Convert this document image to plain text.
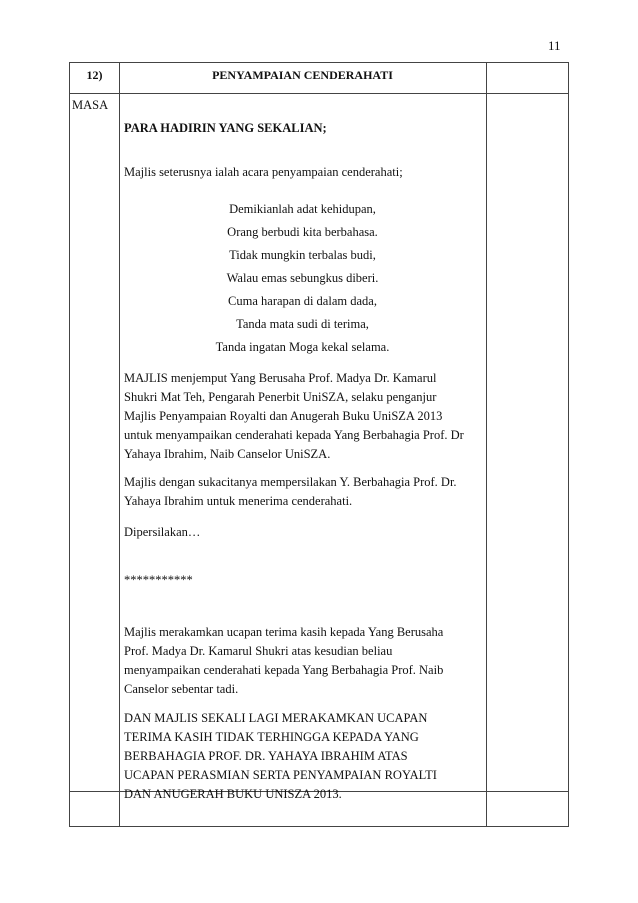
11
12)	PENYAMPAIAN CENDERAHATI
MASA
PARA HADIRIN YANG SEKALIAN;
Majlis seterusnya ialah acara penyampaian cenderahati;
Demikianlah adat kehidupan,
Orang berbudi kita berbahasa.
Tidak mungkin terbalas budi,
Walau emas sebungkus diberi.
Cuma harapan di dalam dada,
Tanda mata sudi di terima,
Tanda ingatan Moga kekal selama.
MAJLIS menjemput Yang Berusaha Prof. Madya Dr. Kamarul
Shukri Mat Teh, Pengarah Penerbit UniSZA, selaku penganjur
Majlis Penyampaian Royalti dan Anugerah Buku UniSZA 2013
untuk menyampaikan cenderahati kepada Yang Berbahagia Prof. Dr
Yahaya Ibrahim, Naib Canselor UniSZA.
Majlis dengan sukacitanya mempersilakan Y. Berbahagia Prof. Dr.
Yahaya Ibrahim untuk menerima cenderahati.
Dipersilakan…
***********
Majlis merakamkan ucapan terima kasih kepada Yang Berusaha
Prof. Madya Dr. Kamarul Shukri atas kesudian beliau
menyampaikan cenderahati kepada Yang Berbahagia Prof. Naib
Canselor sebentar tadi.
DAN MAJLIS SEKALI LAGI MERAKAMKAN UCAPAN
TERIMA KASIH TIDAK TERHINGGA KEPADA YANG
BERBAHAGIA PROF. DR. YAHAYA IBRAHIM ATAS
UCAPAN PERASMIAN SERTA PENYAMPAIAN ROYALTI
DAN ANUGERAH BUKU UNISZA 2013.
